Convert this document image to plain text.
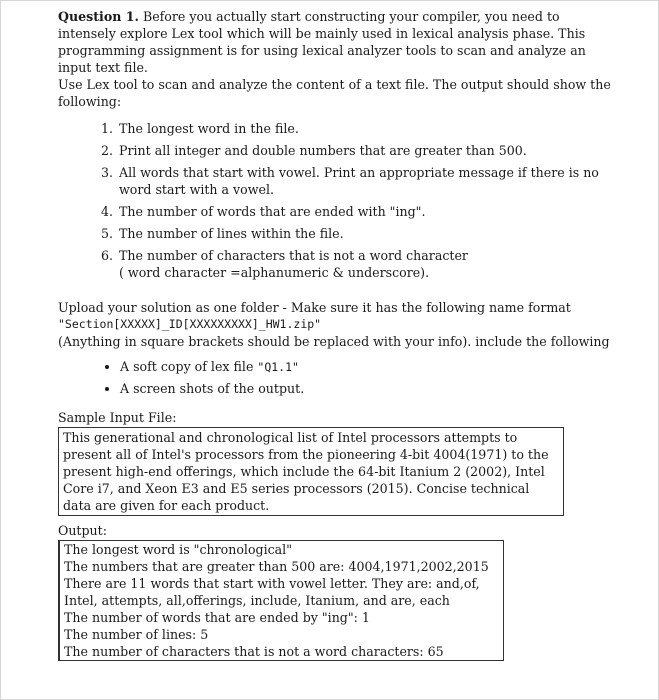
Question 1. Before you actually start constructing your compiler, you need to intensely explore Lex tool which will be mainly used in lexical analysis phase. This programming assignment is for using lexical analyzer tools to scan and analyze an input text file.

Use Lex tool to scan and analyze the content of a text file. The output should show the following:

1. The longest word in the file.
2. Print all integer and double numbers that are greater than 500.
3. All words that start with vowel. Print an appropriate message if there is no word start with a vowel.
4. The number of words that are ended with "ing".
5. The number of lines within the file.
6. The number of characters that is not a word character
( word character =alphanumeric & underscore).

Upload your solution as one folder - Make sure it has the following name format

"Section[XXXXX]_ID[XXXXXXXXX]_HW1.zip"

(Anything in square brackets should be replaced with your info). include the following

• A soft copy of lex file "Q1.1"
• A screen shots of the output.

Sample Input File:

This generational and chronological list of Intel processors attempts to present all of Intel's processors from the pioneering 4-bit 4004(1971) to the present high-end offerings, which include the 64-bit Itanium 2 (2002), Intel Core i7, and Xeon E3 and E5 series processors (2015). Concise technical data are given for each product.

Output:

The longest word is "chronological"

The numbers that are greater than 500 are: 4004,1971,2002,2015

There are 11 words that start with vowel letter. They are: and,of, Intel, attempts, all,offerings, include, Itanium, and are, each

The number of words that are ended by "ing": 1

The number of lines: 5

The number of characters that is not a word characters: 65
